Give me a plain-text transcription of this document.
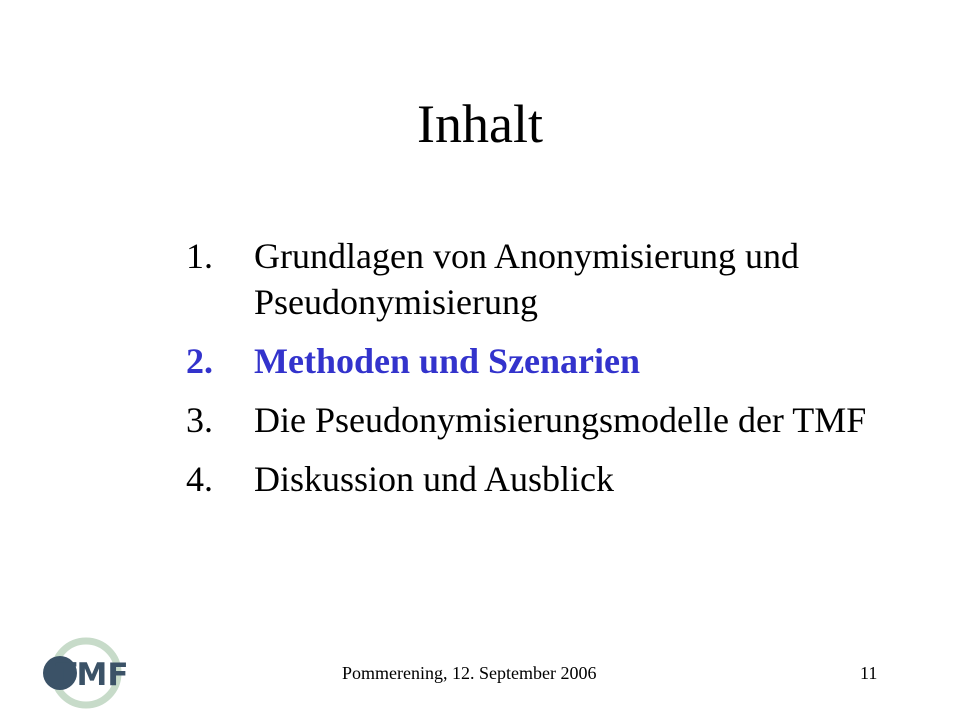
Inhalt
1.	Grundlagen von Anonymisierung und Pseudonymisierung
2.	Methoden und Szenarien
3.	Die Pseudonymisierungsmodelle der TMF
4.	Diskussion und Ausblick
TMF	Pommerening, 12. September 2006	11
